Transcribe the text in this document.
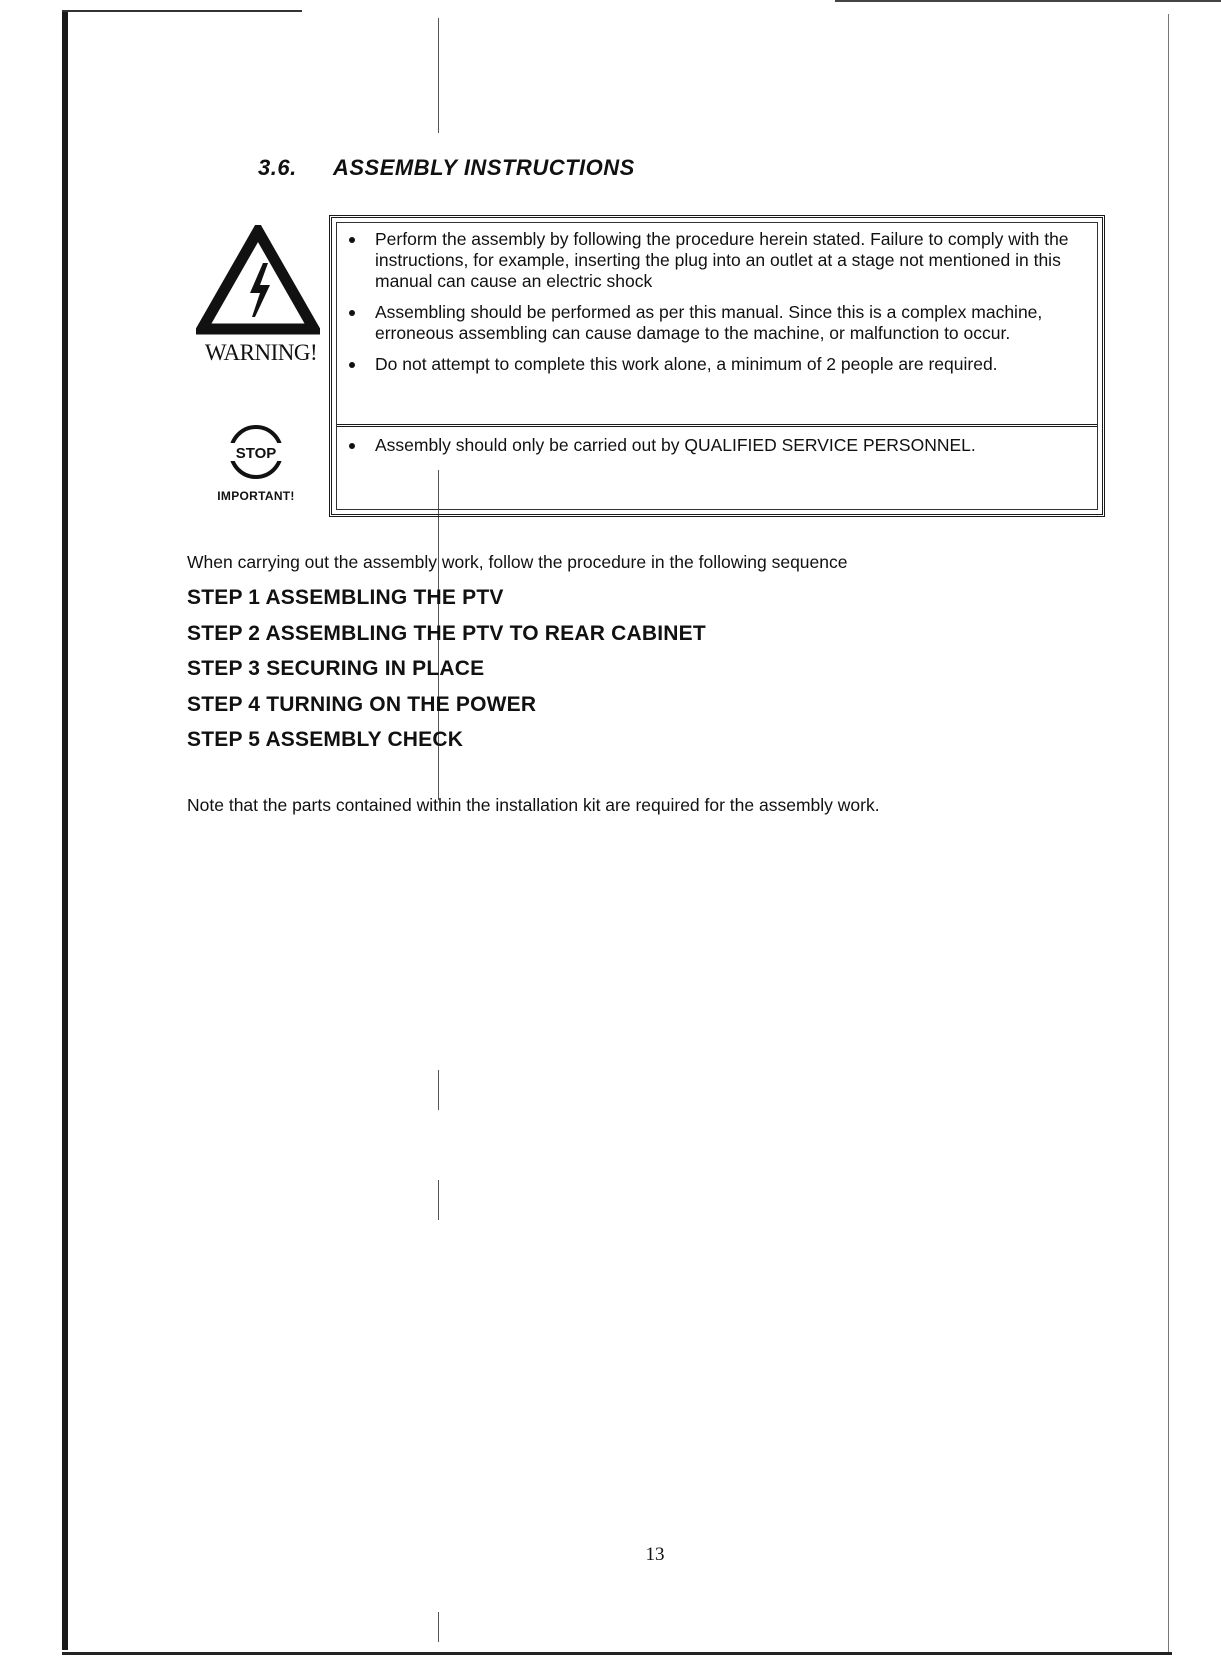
3.6. ASSEMBLY INSTRUCTIONS
WARNING!
STOP
IMPORTANT!
Perform the assembly by following the procedure herein stated. Failure to comply with the instructions, for example, inserting the plug into an outlet at a stage not mentioned in this manual can cause an electric shock
Assembling should be performed as per this manual. Since this is a complex machine, erroneous assembling can cause damage to the machine, or malfunction to occur.
Do not attempt to complete this work alone, a minimum of 2 people are required.
Assembly should only be carried out by QUALIFIED SERVICE PERSONNEL.

When carrying out the assembly work, follow the procedure in the following sequence

STEP 1 ASSEMBLING THE PTV
STEP 2 ASSEMBLING THE PTV TO REAR CABINET
STEP 3 SECURING IN PLACE
STEP 4 TURNING ON THE POWER
STEP 5 ASSEMBLY CHECK

Note that the parts contained within the installation kit are required for the assembly work.

13
